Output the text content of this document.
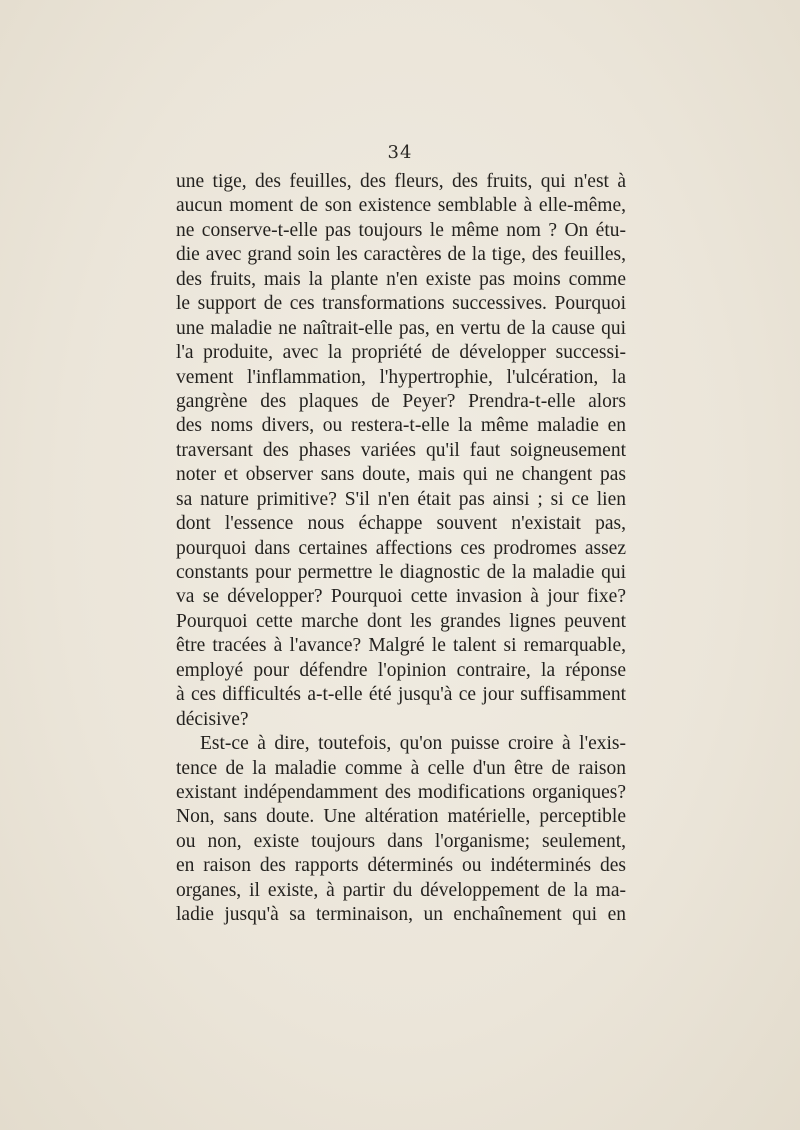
34
une tige, des feuilles, des fleurs, des fruits, qui n'est à
aucun moment de son existence semblable à elle-même,
ne conserve-t-elle pas toujours le même nom ? On étu-
die avec grand soin les caractères de la tige, des feuilles,
des fruits, mais la plante n'en existe pas moins comme
le support de ces transformations successives. Pourquoi
une maladie ne naîtrait-elle pas, en vertu de la cause qui
l'a produite, avec la propriété de développer successi-
vement l'inflammation, l'hypertrophie, l'ulcération, la
gangrène des plaques de Peyer? Prendra-t-elle alors
des noms divers, ou restera-t-elle la même maladie en
traversant des phases variées qu'il faut soigneusement
noter et observer sans doute, mais qui ne changent pas
sa nature primitive? S'il n'en était pas ainsi ; si ce lien
dont l'essence nous échappe souvent n'existait pas,
pourquoi dans certaines affections ces prodromes assez
constants pour permettre le diagnostic de la maladie qui
va se développer? Pourquoi cette invasion à jour fixe?
Pourquoi cette marche dont les grandes lignes peuvent
être tracées à l'avance? Malgré le talent si remarquable,
employé pour défendre l'opinion contraire, la réponse
à ces difficultés a-t-elle été jusqu'à ce jour suffisamment
décisive?
Est-ce à dire, toutefois, qu'on puisse croire à l'exis-
tence de la maladie comme à celle d'un être de raison
existant indépendamment des modifications organiques?
Non, sans doute. Une altération matérielle, perceptible
ou non, existe toujours dans l'organisme; seulement,
en raison des rapports déterminés ou indéterminés des
organes, il existe, à partir du développement de la ma-
ladie jusqu'à sa terminaison, un enchaînement qui en
